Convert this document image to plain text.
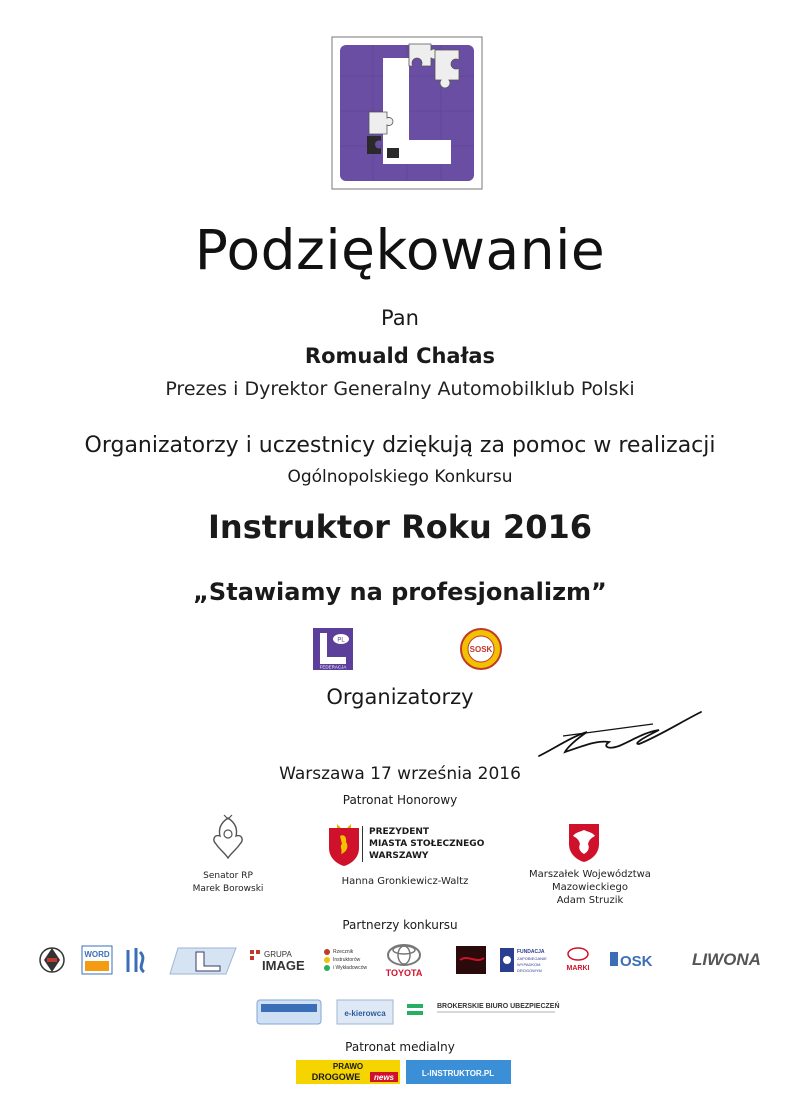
Podziękowanie
Pan
Romuald Chałas
Prezes i Dyrektor Generalny Automobilklub Polski
Organizatorzy i uczestnicy dziękują za pomoc w realizacji
Ogólnopolskiego Konkursu
Instruktor Roku 2016
„Stawiamy na profesjonalizm”
PL
FEDERACJA
SOSK
Organizatorzy
Warszawa 17 września 2016
Patronat Honorowy
Senator RP
Marek Borowski
PREZYDENT
MIASTA STOŁECZNEGO WARSZAWY
Hanna Gronkiewicz-Waltz
Marszałek Województwa
Mazowieckiego
Adam Struzik
Partnerzy konkursu
WORD	GRUPA
IMAGE
Rzecznik
Instruktorów
i Wykładowców TOYOTA
FUNDACJA
ZAPOBIEGANIE
WYPADKOM
DROGOWYM	MARKI OSK LIWONA
e-kierowca
BROKERSKIE BIURO UBEZPIECZEŃ
Patronat medialny
PRAWO
DROGOWE news	L-INSTRUKTOR.PL
